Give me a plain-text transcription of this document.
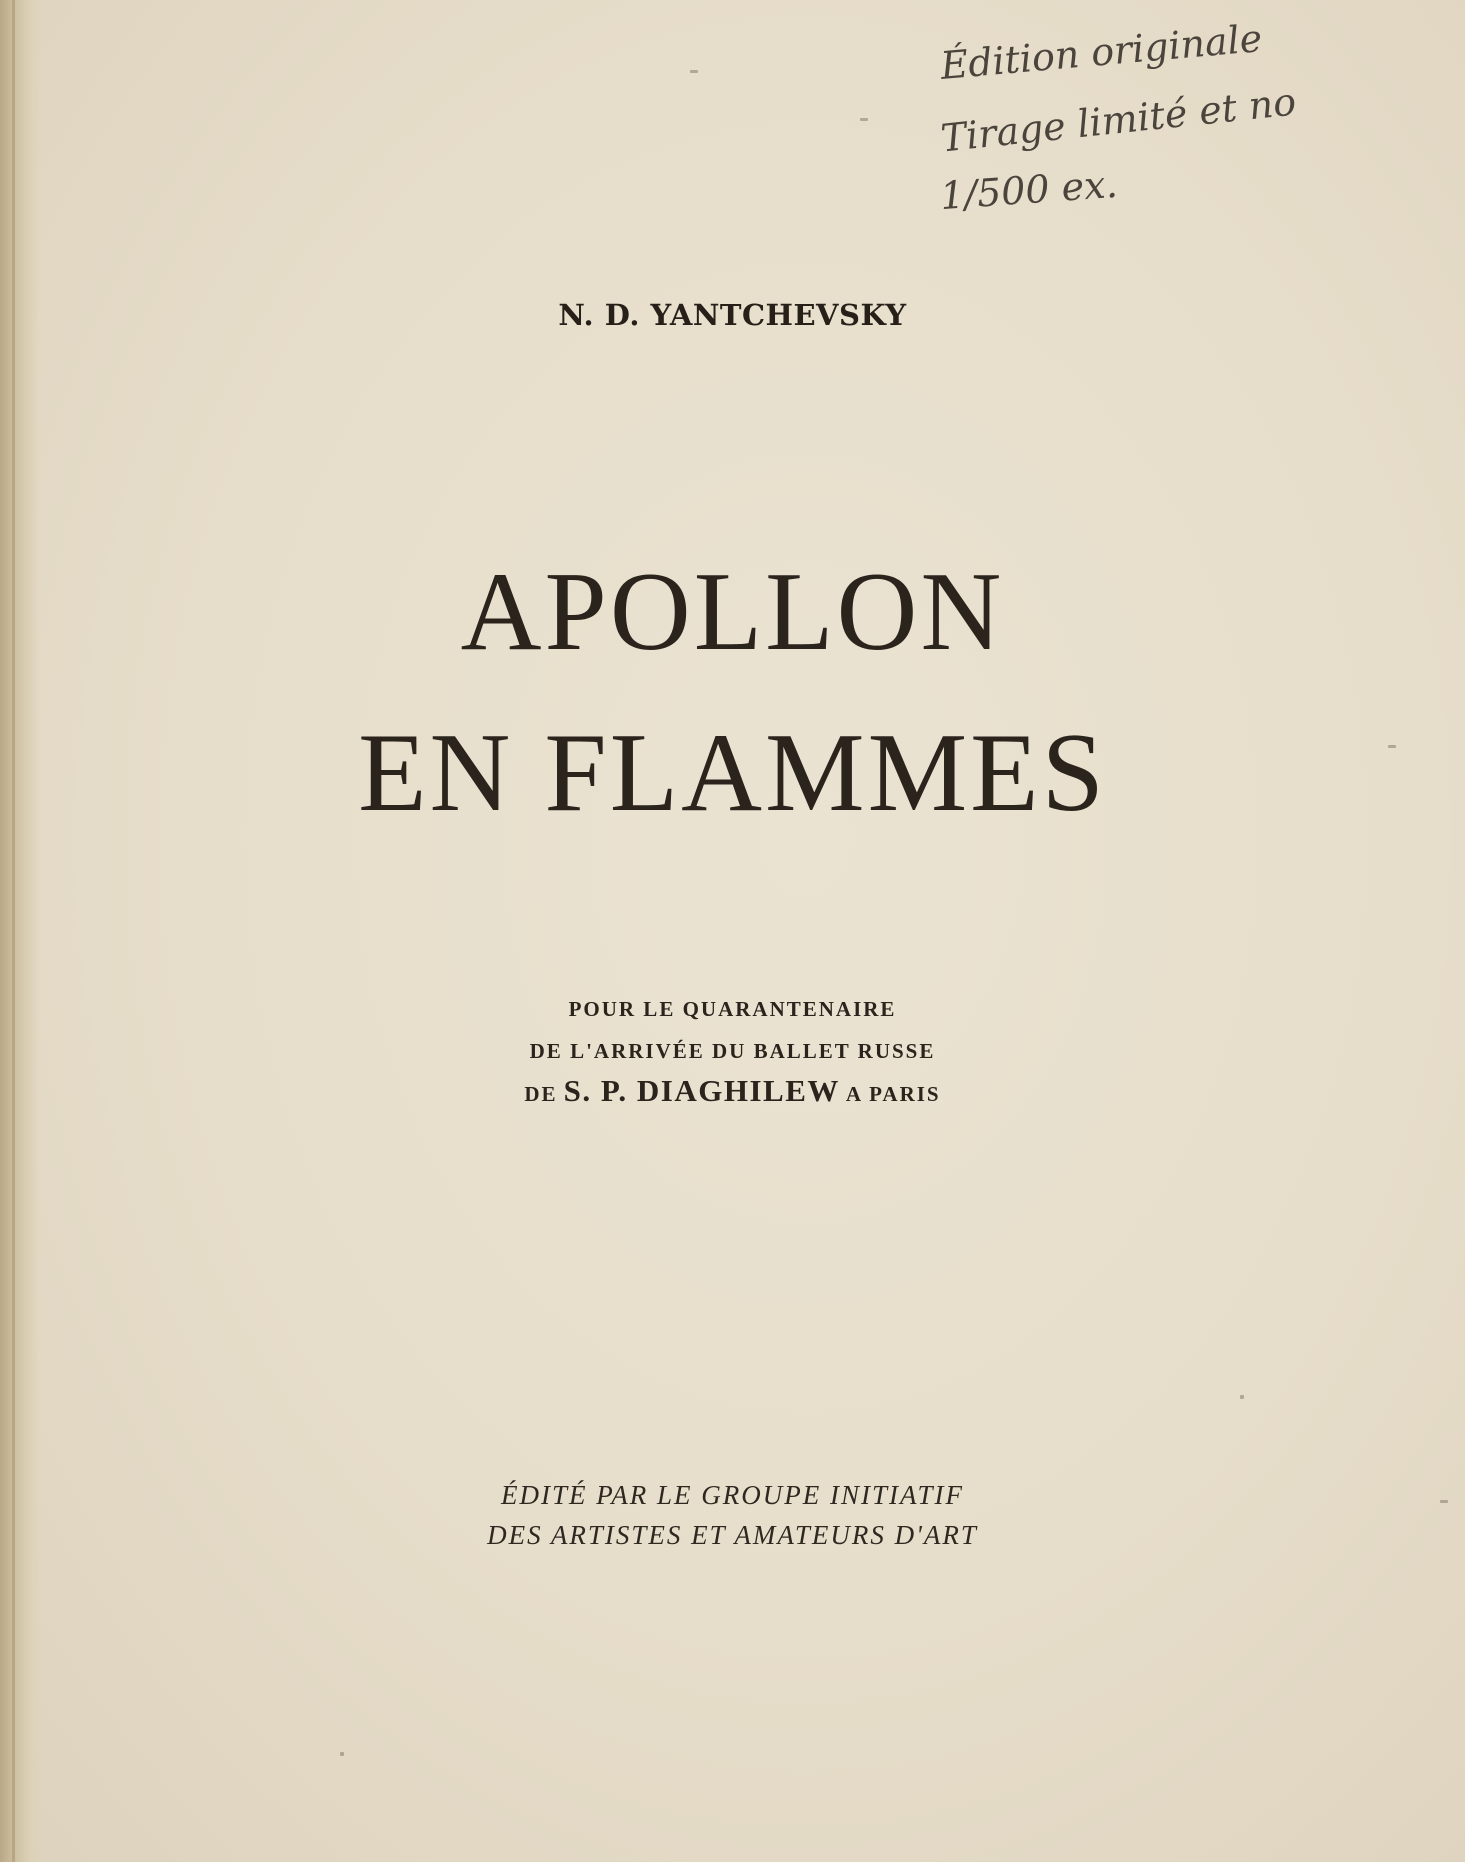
Édition originale
Tirage limité et no
1/500 ex.
N. D. YANTCHEVSKY
APOLLON
EN FLAMMES
POUR LE QUARANTENAIRE
DE L'ARRIVÉE DU BALLET RUSSE
DE S. P. DIAGHILEW A PARIS
ÉDITÉ PAR LE GROUPE INITIATIF
DES ARTISTES ET AMATEURS D'ART
